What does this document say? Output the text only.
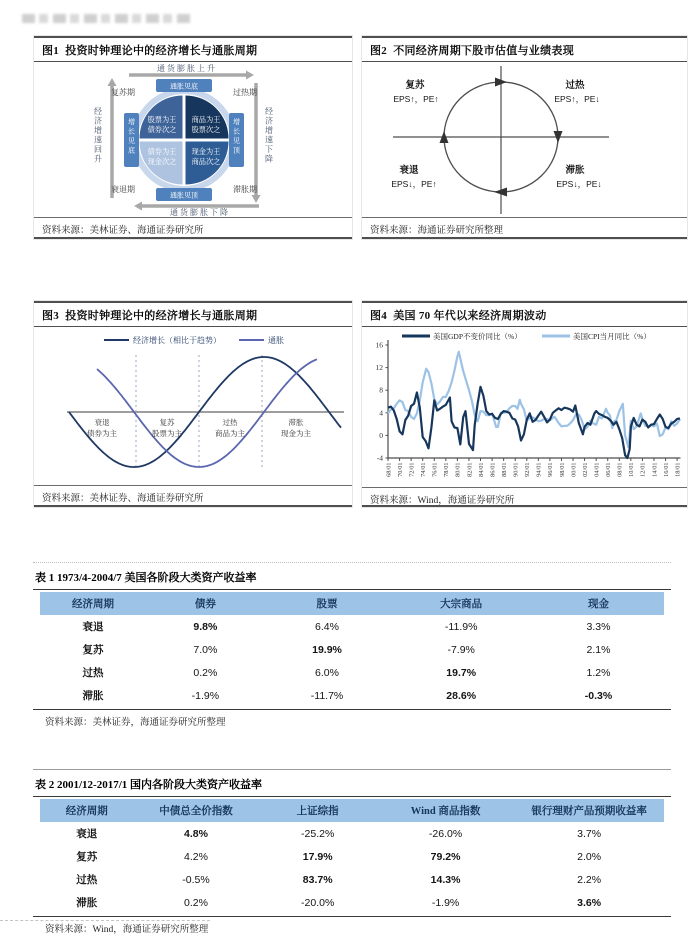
图1  投资时钟理论中的经济增长与通胀周期
通货膨胀上升
通货膨胀下降
经济增速回升
经济增速下降
复苏期	过热期
衰退期	滞胀期
股票为王
债券次之
商品为王
股票次之
债券为王
现金次之
现金为王
商品次之
通胀见底
通胀见顶
增长见底
增长见顶
资料来源：美林证券、海通证券研究所
图2  不同经济周期下股市估值与业绩表现
复苏
EPS↑，PE↑
过热
EPS↑，PE↓
衰退
EPS↓，PE↑
滞胀
EPS↓，PE↓
资料来源：海通证券研究所整理
图3  投资时钟理论中的经济增长与通胀周期
经济增长（相比于趋势）	通胀
衰退
债券为主
复苏
股票为主
过热
商品为主
滞胀
现金为主
资料来源：美林证券、海通证券研究所
图4  美国 70 年代以来经济周期波动
美国GDP不变价同比（%）	美国CPI当月同比（%）
16
12
8
4
0
-4
68/01 70/01 72/01 74/01 76/01 78/01 80/01 82/01 84/01 86/01 88/01 90/01 92/01 94/01 96/01 98/01 00/01 02/01 04/01 06/01 08/01 10/01 12/01 14/01 16/01 18/01
资料来源：Wind，海通证券研究所
表 1 1973/4-2004/7 美国各阶段大类资产收益率
经济周期	债券	股票	大宗商品	现金
衰退	9.8%	6.4%	-11.9%	3.3%
复苏	7.0%	19.9%	-7.9%	2.1%
过热	0.2%	6.0%	19.7%	1.2%
滞胀	-1.9%	-11.7%	28.6%	-0.3%
资料来源：美林证券，海通证券研究所整理
表 2 2001/12-2017/1 国内各阶段大类资产收益率
经济周期	中债总全价指数	上证综指	Wind 商品指数	银行理财产品预期收益率
衰退	4.8%	-25.2%	-26.0%	3.7%
复苏	4.2%	17.9%	79.2%	2.0%
过热	-0.5%	83.7%	14.3%	2.2%
滞胀	0.2%	-20.0%	-1.9%	3.6%
资料来源：Wind，海通证券研究所整理
